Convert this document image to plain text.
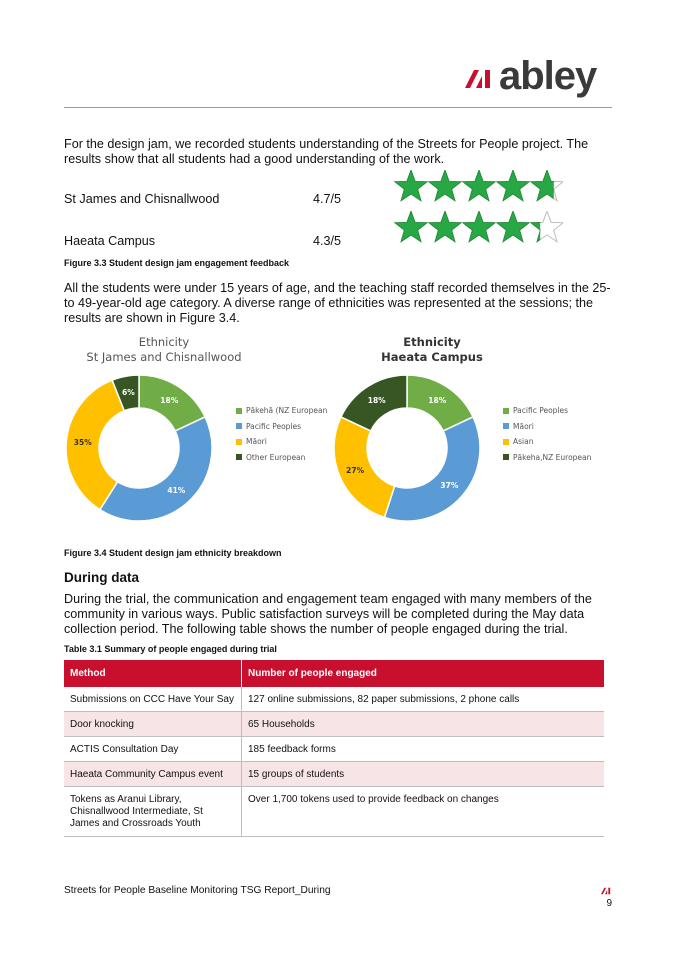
abley
For the design jam, we recorded students understanding of the Streets for People project. The results show that all students had a good understanding of the work.
St James and Chisnallwood	4.7/5
Haeata Campus	4.3/5
Figure 3.3 Student design jam engagement feedback
All the students were under 15 years of age, and the teaching staff recorded themselves in the 25- to 49-year-old age category. A diverse range of ethnicities was represented at the sessions; the results are shown in Figure 3.4.
Ethnicity
St James and Chisnallwood
18%
41%
35%
6%
Pākehā (NZ European
Pacific Peoples
Māori
Other European
Ethnicity
Haeata Campus
18%
37%
27%
18%
Pacific Peoples
Māori
Asian
Pākeha,NZ European
Figure 3.4 Student design jam ethnicity breakdown
During data
During the trial, the communication and engagement team engaged with many members of the community in various ways. Public satisfaction surveys will be completed during the May data collection period. The following table shows the number of people engaged during the trial.
Table 3.1 Summary of people engaged during trial
Method	Number of people engaged
Submissions on CCC Have Your Say	127 online submissions, 82 paper submissions, 2 phone calls
Door knocking	65 Households
ACTIS Consultation Day	185 feedback forms
Haeata Community Campus event	15 groups of students
Tokens as Aranui Library, Chisnallwood Intermediate, St James and Crossroads Youth	Over 1,700 tokens used to provide feedback on changes
Streets for People Baseline Monitoring TSG Report_During
9
